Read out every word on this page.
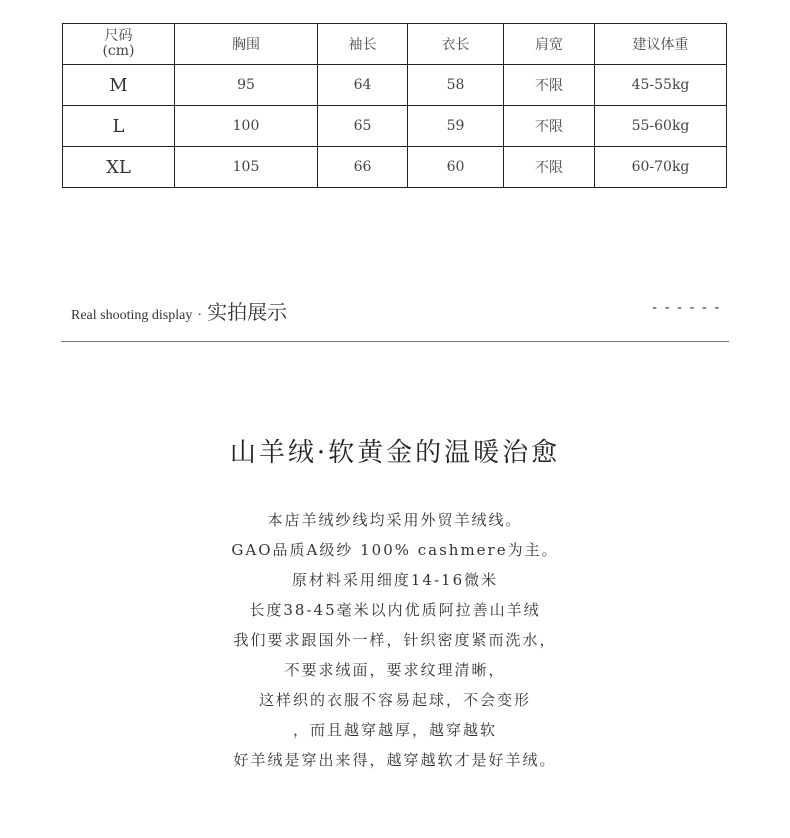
尺码
(cm)	胸围	袖长	衣长	肩宽	建议体重
M	95	64	58	不限	45-55kg
L	100	65	59	不限	55-60kg
XL	105	66	60	不限	60-70kg
Real shooting display · 实拍展示	------
山羊绒·软黄金的温暖治愈
本店羊绒纱线均采用外贸羊绒线。
GAO品质A级纱 100% cashmere为主。
原材料采用细度14-16微米
长度38-45毫米以内优质阿拉善山羊绒
我们要求跟国外一样，针织密度紧而洗水，
不要求绒面，要求纹理清晰，
这样织的衣服不容易起球，不会变形
，而且越穿越厚，越穿越软
好羊绒是穿出来得，越穿越软才是好羊绒。
